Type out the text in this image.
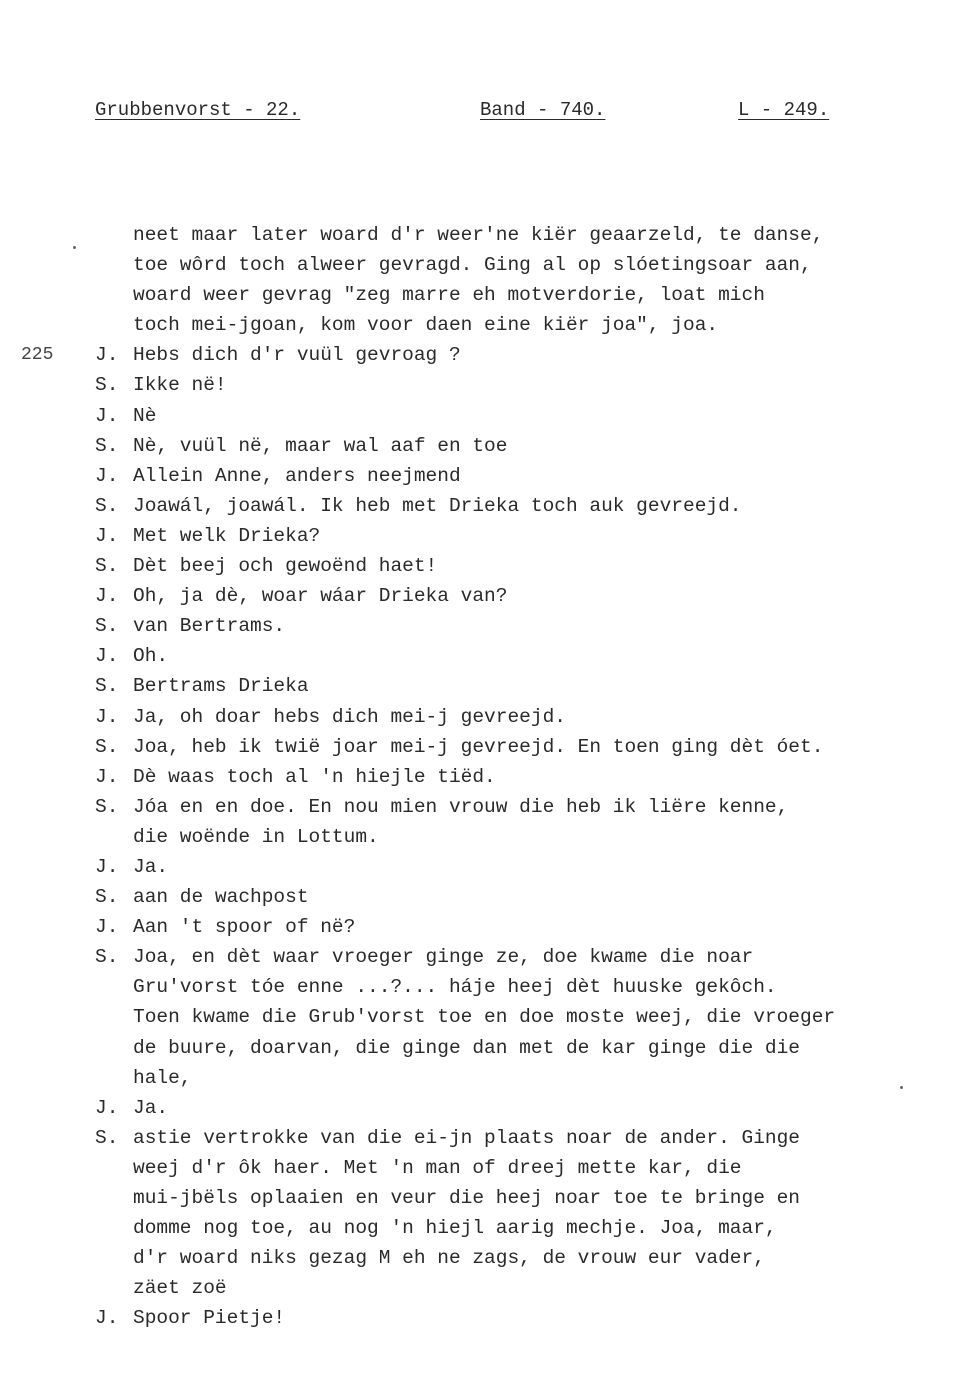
Grubbenvorst - 22.	Band - 740.	L - 249.
neet maar later woard d'r weer'ne kiër geaarzeld, te danse,
toe wôrd toch alweer gevragd. Ging al op slóetingsoar aan,
woard weer gevrag "zeg marre eh motverdorie, loat mich
toch mei-jgoan, kom voor daen eine kiër joa", joa.
225 J. Hebs dich d'r vuül gevroag ?
S. Ikke në!
J. Nè
S. Nè, vuül në, maar wal aaf en toe
J. Allein Anne, anders neejmend
S. Joawál, joawál. Ik heb met Drieka toch auk gevreejd.
J. Met welk Drieka?
S. Dèt beej och gewoënd haet!
J. Oh, ja dè, woar wáar Drieka van?
S. van Bertrams.
J. Oh.
S. Bertrams Drieka
J. Ja, oh doar hebs dich mei-j gevreejd.
S. Joa, heb ik twië joar mei-j gevreejd. En toen ging dèt óet.
J. Dè waas toch al 'n hiejle tiëd.
S. Jóa en en doe. En nou mien vrouw die heb ik liëre kenne,
die woënde in Lottum.
J. Ja.
S. aan de wachpost
J. Aan 't spoor of në?
S. Joa, en dèt waar vroeger ginge ze, doe kwame die noar
Gru'vorst tóe enne ...?... háje heej dèt huuske gekôch.
Toen kwame die Grub'vorst toe en doe moste weej, die vroeger
de buure, doarvan, die ginge dan met de kar ginge die die
hale,
J. Ja.
S. astie vertrokke van die ei-jn plaats noar de ander. Ginge
weej d'r ôk haer. Met 'n man of dreej mette kar, die
mui-jbëls oplaaien en veur die heej noar toe te bringe en
domme nog toe, au nog 'n hiejl aarig mechje. Joa, maar,
d'r woard niks gezag M eh ne zags, de vrouw eur vader,
zäet zoë
J. Spoor Pietje!
